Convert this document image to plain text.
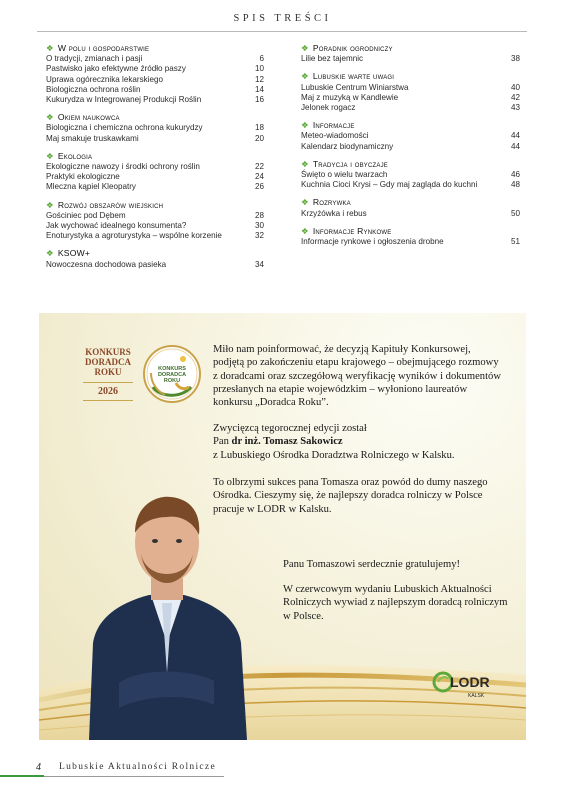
SPIS TREŚCI
❖ W polu i gospodarstwie
O tradycji, zmianach i pasji	6
Pastwisko jako efektywne źródło paszy	10
Uprawa ogórecznika lekarskiego	12
Biologiczna ochrona roślin	14
Kukurydza w Integrowanej Produkcji Roślin	16
❖ Okiem naukowca
Biologiczna i chemiczna ochrona kukurydzy	18
Maj smakuje truskawkami	20
❖ Ekologia
Ekologiczne nawozy i środki ochrony roślin	22
Praktyki ekologiczne	24
Mleczna kąpiel Kleopatry	26
❖ Rozwój obszarów wiejskich
Gościniec pod Dębem	28
Jak wychować idealnego konsumenta?	30
Enoturystyka a agroturystyka – wspólne korzenie	32
❖ KSOW+
Nowoczesna dochodowa pasieka	34
❖ Poradnik ogrodniczy
Lilie bez tajemnic	38
❖ Lubuskie warte uwagi
Lubuskie Centrum Winiarstwa	40
Maj z muzyką w Kandlewie	42
Jelonek rogacz	43
❖ Informacje
Meteo-wiadomości	44
Kalendarz biodynamiczny	44
❖ Tradycja i obyczaje
Święto o wielu twarzach	46
Kuchnia Cioci Krysi – Gdy maj zagląda do kuchni	48
❖ Rozrywka
Krzyżówka i rebus	50
❖ Informacje Rynkowe
Informacje rynkowe i ogłoszenia drobne	51
KONKURS
DORADCA
ROKU
2026
KONKURS
DORADCA
ROKU

Miło nam poinformować, że decyzją Kapituły Konkursowej, podjętą po zakończeniu etapu krajowego – obejmującego rozmowy z doradcami oraz szczegółową weryfikację wyników i dokumentów przesłanych na etapie wojewódzkim – wyłoniono laureatów konkursu „Doradca Roku”.

Zwycięzcą tegorocznej edycji został

Pan dr inż. Tomasz Sakowicz

z Lubuskiego Ośrodka Doradztwa Rolniczego w Kalsku.

To olbrzymi sukces pana Tomasza oraz powód do dumy naszego Ośrodka. Cieszymy się, że najlepszy doradca rolniczy w Polsce pracuje w LODR w Kalsku.

Panu Tomaszowi serdecznie gratulujemy!

W czerwcowym wydaniu Lubuskich Aktualności Rolniczych wywiad z najlepszym doradcą rolniczym w Polsce.

LODR
KALSK
4 Lubuskie Aktualności Rolnicze
